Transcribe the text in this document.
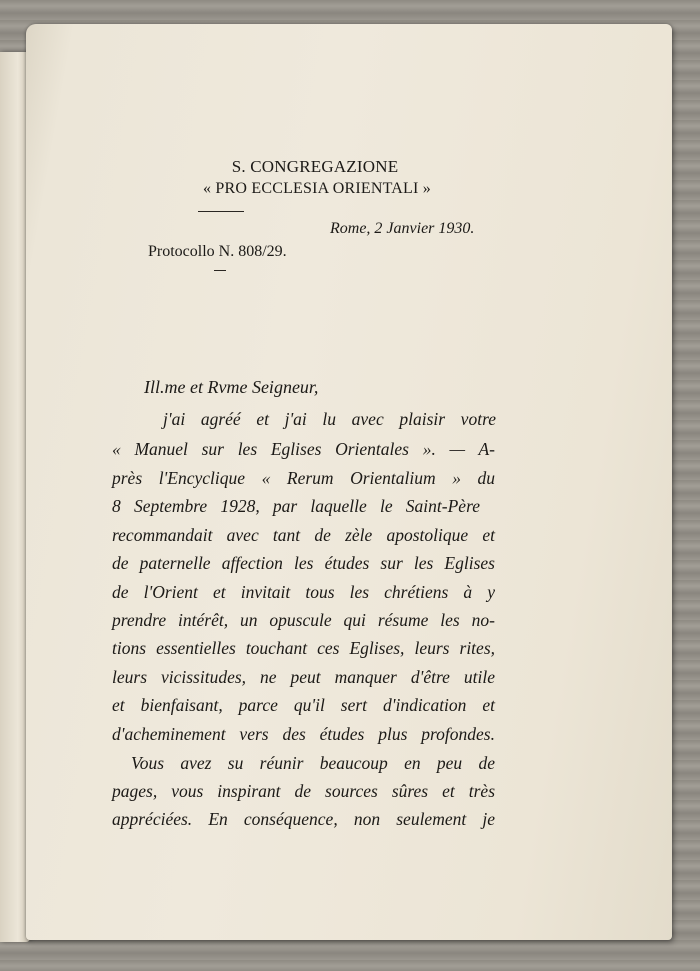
S. CONGREGAZIONE
« PRO ECCLESIA ORIENTALI »
Rome, 2 Janvier 1930.
Protocollo N. 808/29.
Ill.me et Rvme Seigneur,
j'ai agréé et j'ai lu avec plaisir votre
« Manuel sur les Eglises Orientales ». — A-
près l'Encyclique « Rerum Orientalium » du
8 Septembre 1928, par laquelle le Saint-Père
recommandait avec tant de zèle apostolique et
de paternelle affection les études sur les Eglises
de l'Orient et invitait tous les chrétiens à y
prendre intérêt, un opuscule qui résume les no-
tions essentielles touchant ces Eglises, leurs rites,
leurs vicissitudes, ne peut manquer d'être utile
et bienfaisant, parce qu'il sert d'indication et
d'acheminement vers des études plus profondes.
Vous avez su réunir beaucoup en peu de
pages, vous inspirant de sources sûres et très
appréciées. En conséquence, non seulement je
